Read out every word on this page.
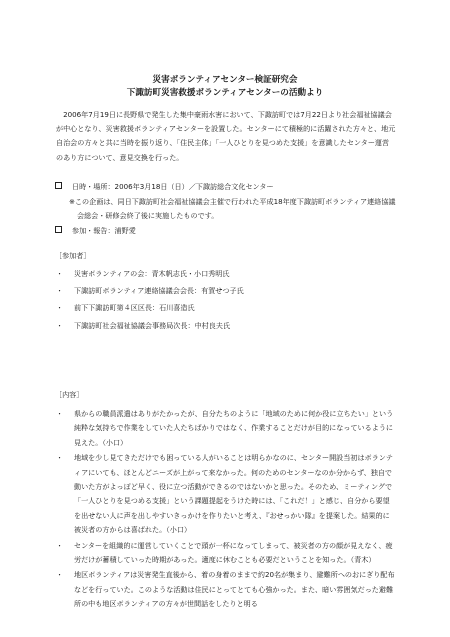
災害ボランティアセンター検証研究会
下諏訪町災害救援ボランティアセンターの活動より

2006年7月19日に長野県で発生した集中豪雨水害において、下諏訪町では7月22日より社会福祉協議会が中心となり、災害救援ボランティアセンターを設置した。センターにて積極的に活躍された方々と、地元自治会の方々と共に当時を振り返り、「住民主体」「一人ひとりを見つめた支援」を意識したセンター運営のあり方について、意見交換を行った。

日時・場所：2006年3月18日（日）／下諏訪総合文化センター
※この企画は、同日下諏訪町社会福祉協議会主催で行われた平成18年度下諏訪町ボランティア連絡協議会総会・研修会終了後に実施したものです。
参加・報告：浦野愛
［参加者］
・ 災害ボランティアの会：青木帆志氏・小口秀明氏
・ 下諏訪町ボランティア連絡協議会会長：有賀せつ子氏
・ 前下下諏訪町第４区区長：石川喜造氏
・ 下諏訪町社会福祉協議会事務局次長：中村良夫氏
［内容］
・ 県からの職員派遣はありがたかったが、自分たちのように「地域のために何か役に立ちたい」という純粋な気持ちで作業をしていた人たちばかりではなく、作業することだけが目的になっているように見えた。（小口）
・ 地域を少し見てきただけでも困っている人がいることは明らかなのに、センター開設当初はボランティアにいても、ほとんどニーズが上がって来なかった。何のためのセンターなのか分からず、独自で動いた方がよっぽど早く、役に立つ活動ができるのではないかと思った。そのため、ミーティングで「一人ひとりを見つめる支援」という課題提起をうけた時には、「これだ！」と感じ、自分から要望を出せない人に声を出しやすいきっかけを作りたいと考え、『おせっかい隊』を提案した。結果的に被災者の方からは喜ばれた。（小口）
・ センターを組織的に運営していくことで頭が一杯になってしまって、被災者の方の顔が見えなく、疲労だけが蓄積していった時期があった。適度に休むことも必要だということを知った。（青木）
・ 地区ボランティアは災害発生直後から、着の身着のままで約20名が集まり、避難所へのおにぎり配布などを行っていた。このような活動は住民にとってとても心強かった。また、暗い雰囲気だった避難所の中も地区ボランティアの方々が世間話をしたりと明る
